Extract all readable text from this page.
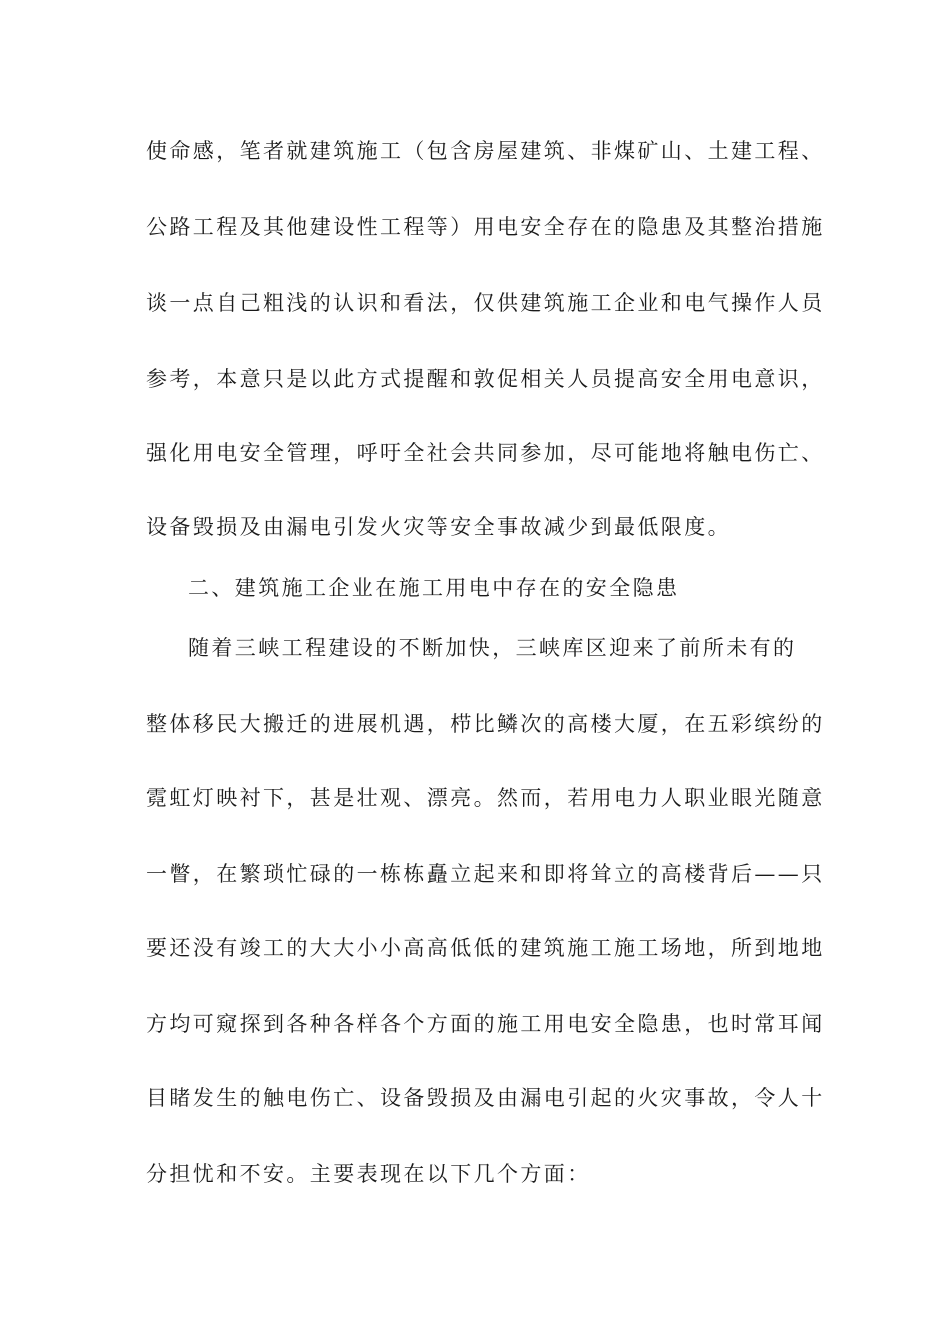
使命感，笔者就建筑施工（包含房屋建筑、非煤矿山、土建工程、
公路工程及其他建设性工程等）用电安全存在的隐患及其整治措施
谈一点自己粗浅的认识和看法，仅供建筑施工企业和电气操作人员
参考，本意只是以此方式提醒和敦促相关人员提高安全用电意识，
强化用电安全管理，呼吁全社会共同参加，尽可能地将触电伤亡、
设备毁损及由漏电引发火灾等安全事故减少到最低限度。
二、建筑施工企业在施工用电中存在的安全隐患
随着三峡工程建设的不断加快，三峡库区迎来了前所未有的
整体移民大搬迁的进展机遇，栉比鳞次的高楼大厦，在五彩缤纷的
霓虹灯映衬下，甚是壮观、漂亮。然而，若用电力人职业眼光随意
一瞥，在繁琐忙碌的一栋栋矗立起来和即将耸立的高楼背后——只
要还没有竣工的大大小小高高低低的建筑施工施工场地，所到地地
方均可窥探到各种各样各个方面的施工用电安全隐患，也时常耳闻
目睹发生的触电伤亡、设备毁损及由漏电引起的火灾事故，令人十
分担忧和不安。主要表现在以下几个方面：
